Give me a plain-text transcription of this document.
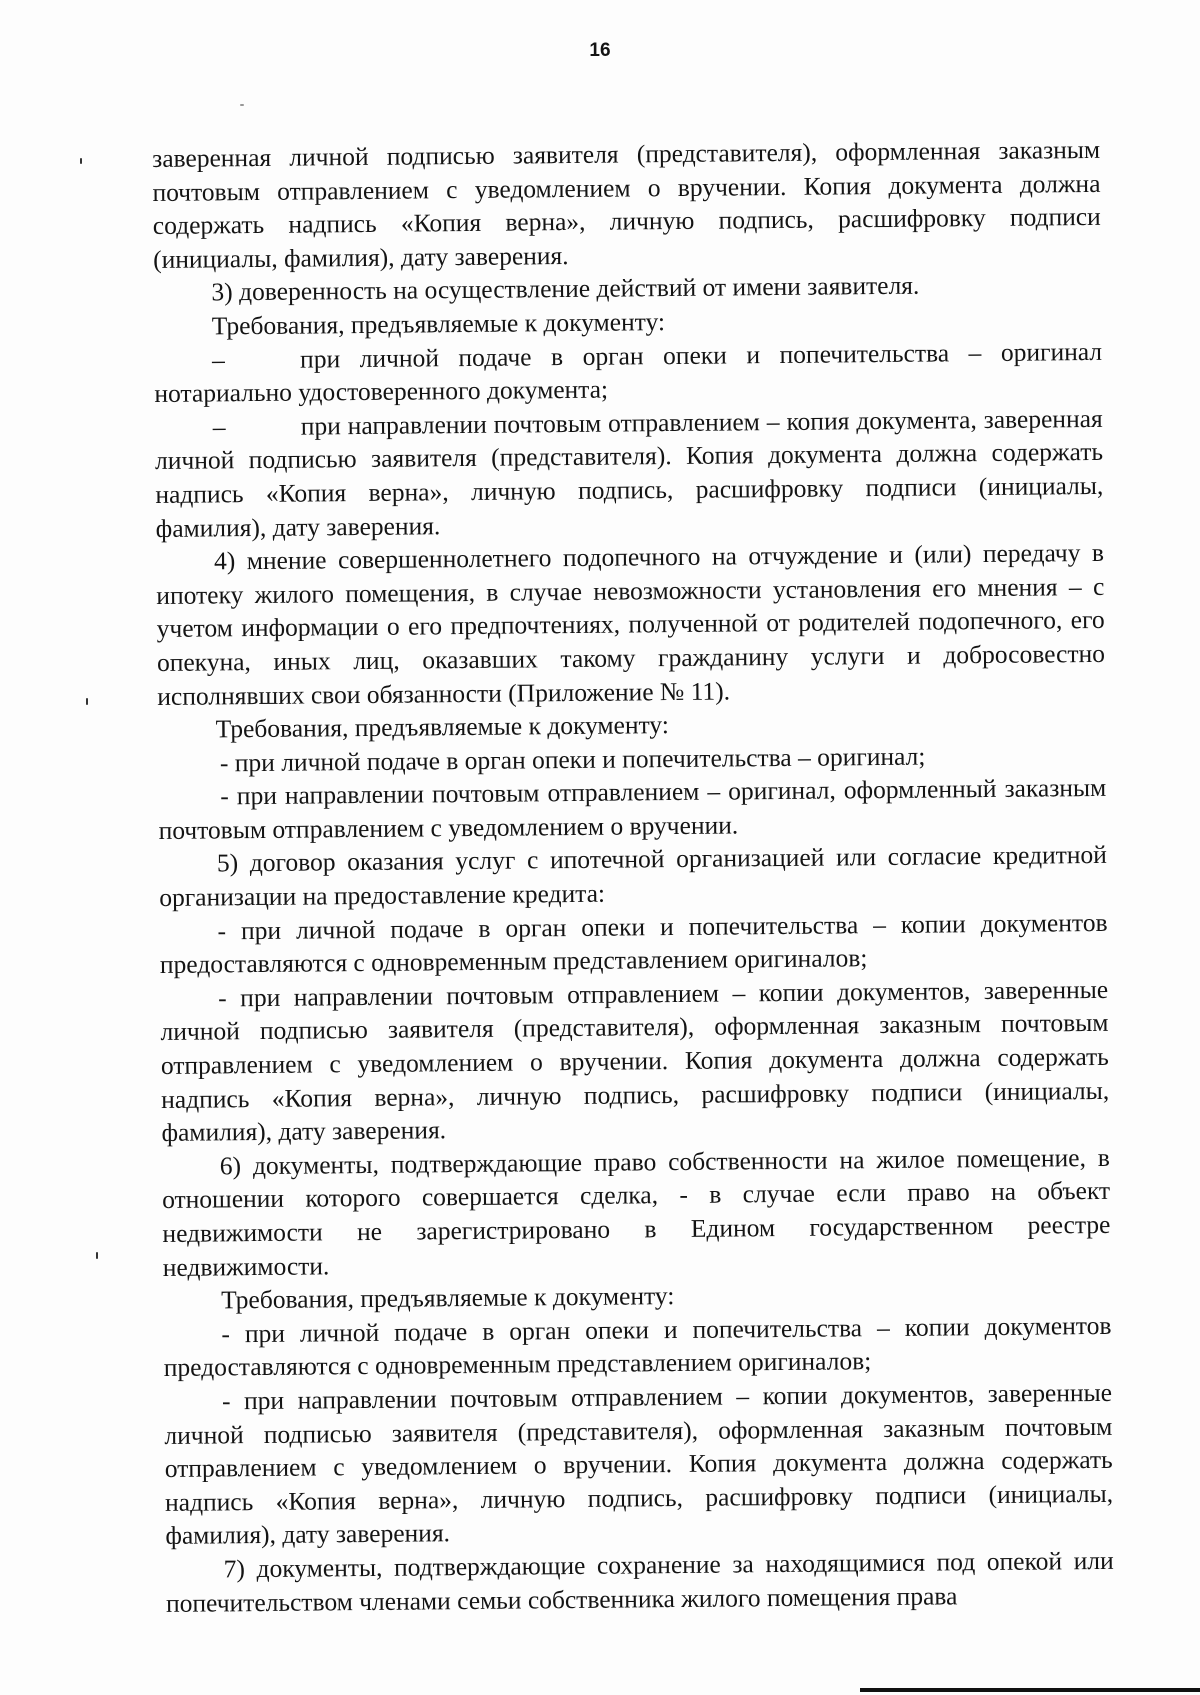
16

заверенная личной подписью заявителя (представителя), оформленная заказным почтовым отправлением с уведомлением о вручении. Копия документа должна содержать надпись «Копия верна», личную подпись, расшифровку подписи (инициалы, фамилия), дату заверения.

3) доверенность на осуществление действий от имени заявителя.

Требования, предъявляемые к документу:

–	при личной подаче в орган опеки и попечительства – оригинал нотариально удостоверенного документа;

–	при направлении почтовым отправлением – копия документа, заверенная личной подписью заявителя (представителя). Копия документа должна содержать надпись «Копия верна», личную подпись, расшифровку подписи (инициалы, фамилия), дату заверения.

4) мнение совершеннолетнего подопечного на отчуждение и (или) передачу в ипотеку жилого помещения, в случае невозможности установления его мнения – с учетом информации о его предпочтениях, полученной от родителей подопечного, его опекуна, иных лиц, оказавших такому гражданину услуги и добросовестно исполнявших свои обязанности (Приложение № 11).

Требования, предъявляемые к документу:

- при личной подаче в орган опеки и попечительства – оригинал;

- при направлении почтовым отправлением – оригинал, оформленный заказным почтовым отправлением с уведомлением о вручении.

5) договор оказания услуг с ипотечной организацией или согласие кредитной организации на предоставление кредита:

- при личной подаче в орган опеки и попечительства – копии документов предоставляются с одновременным представлением оригиналов;

- при направлении почтовым отправлением – копии документов, заверенные личной подписью заявителя (представителя), оформленная заказным почтовым отправлением с уведомлением о вручении. Копия документа должна содержать надпись «Копия верна», личную подпись, расшифровку подписи (инициалы, фамилия), дату заверения.

6) документы, подтверждающие право собственности на жилое помещение, в отношении которого совершается сделка, - в случае если право на объект недвижимости не зарегистрировано в Едином государственном реестре недвижимости.

Требования, предъявляемые к документу:

- при личной подаче в орган опеки и попечительства – копии документов предоставляются с одновременным представлением оригиналов;

- при направлении почтовым отправлением – копии документов, заверенные личной подписью заявителя (представителя), оформленная заказным почтовым отправлением с уведомлением о вручении. Копия документа должна содержать надпись «Копия верна», личную подпись, расшифровку подписи (инициалы, фамилия), дату заверения.

7) документы, подтверждающие сохранение за находящимися под опекой или попечительством членами семьи собственника жилого помещения права
